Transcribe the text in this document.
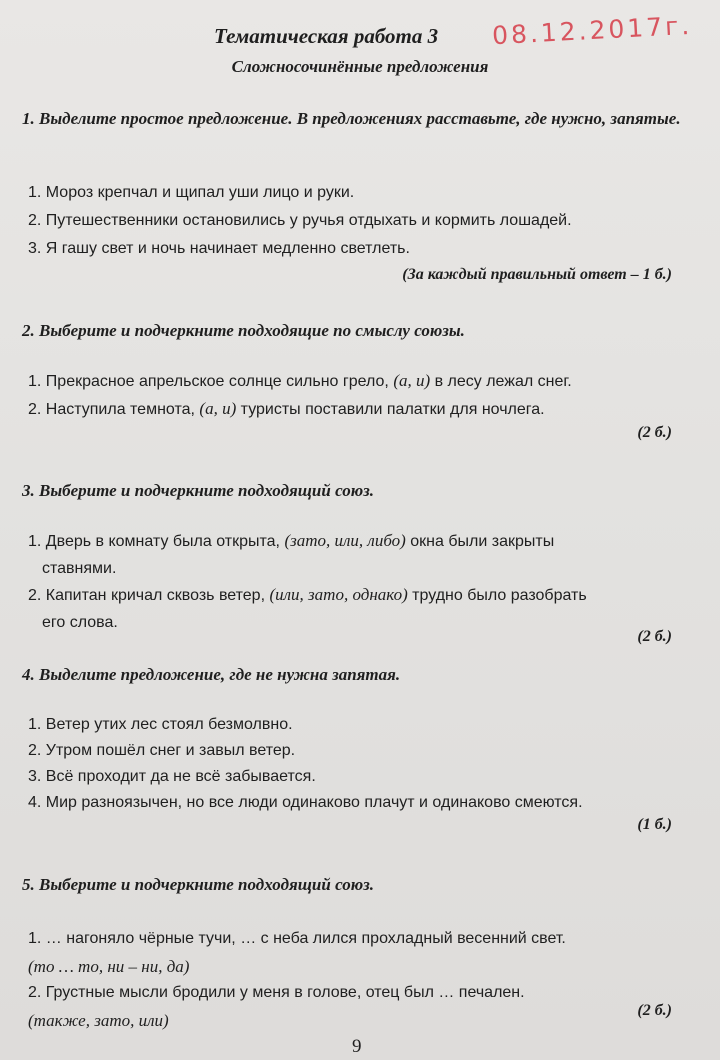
Тематическая работа 3 08.12.2017г.
Сложносочинённые предложения
1. Выделите простое предложение. В предложениях расставьте, где нужно, запятые.
1. Мороз крепчал и щипал уши лицо и руки.
2. Путешественники остановились у ручья отдыхать и кормить лошадей.
3. Я гашу свет и ночь начинает медленно светлеть.
(За каждый правильный ответ – 1 б.)
2. Выберите и подчеркните подходящие по смыслу союзы.
1. Прекрасное апрельское солнце сильно грело, (а, и) в лесу лежал снег.
2. Наступила темнота, (а, и) туристы поставили палатки для ночлега.
(2 б.)
3. Выберите и подчеркните подходящий союз.
1. Дверь в комнату была открыта, (зато, или, либо) окна были закрыты
ставнями.
2. Капитан кричал сквозь ветер, (или, зато, однако) трудно было разобрать
его слова.
(2 б.)
4. Выделите предложение, где не нужна запятая.
1. Ветер утих лес стоял безмолвно.
2. Утром пошёл снег и завыл ветер.
3. Всё проходит да не всё забывается.
4. Мир разноязычен, но все люди одинаково плачут и одинаково смеются.
(1 б.)
5. Выберите и подчеркните подходящий союз.
1. … нагоняло чёрные тучи, … с неба лился прохладный весенний свет.
(то … то, ни – ни, да)
2. Грустные мысли бродили у меня в голове, отец был … печален.
(также, зато, или)
(2 б.)
9
